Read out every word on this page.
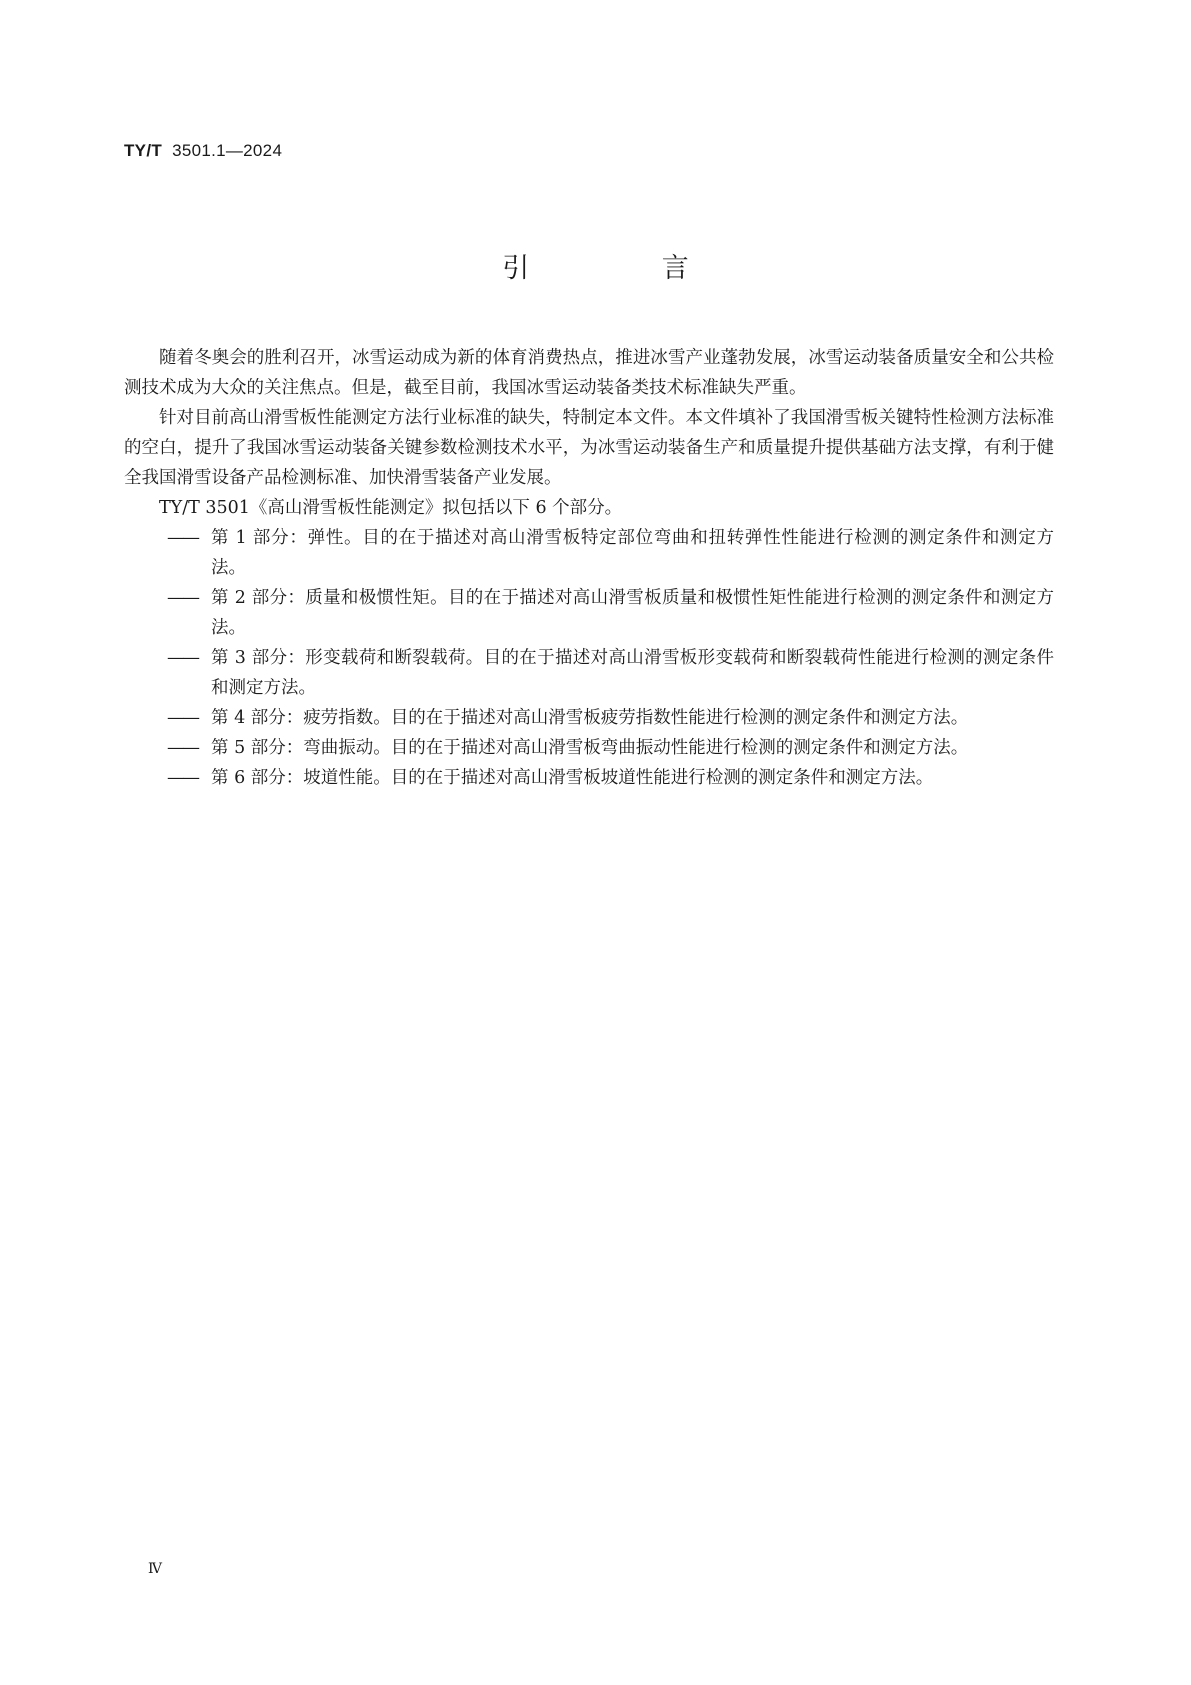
TY/T 3501.1—2024
引 言

随着冬奥会的胜利召开，冰雪运动成为新的体育消费热点，推进冰雪产业蓬勃发展，冰雪运动装备质量安全和公共检测技术成为大众的关注焦点。但是，截至目前，我国冰雪运动装备类技术标准缺失严重。

针对目前高山滑雪板性能测定方法行业标准的缺失，特制定本文件。本文件填补了我国滑雪板关键特性检测方法标准的空白，提升了我国冰雪运动装备关键参数检测技术水平，为冰雪运动装备生产和质量提升提供基础方法支撑，有利于健全我国滑雪设备产品检测标准、加快滑雪装备产业发展。

TY/T 3501《高山滑雪板性能测定》拟包括以下 6 个部分。

—— 第 1 部分：弹性。目的在于描述对高山滑雪板特定部位弯曲和扭转弹性性能进行检测的测定条件和测定方法。
—— 第 2 部分：质量和极惯性矩。目的在于描述对高山滑雪板质量和极惯性矩性能进行检测的测定条件和测定方法。
—— 第 3 部分：形变载荷和断裂载荷。目的在于描述对高山滑雪板形变载荷和断裂载荷性能进行检测的测定条件和测定方法。
—— 第 4 部分：疲劳指数。目的在于描述对高山滑雪板疲劳指数性能进行检测的测定条件和测定方法。
—— 第 5 部分：弯曲振动。目的在于描述对高山滑雪板弯曲振动性能进行检测的测定条件和测定方法。
—— 第 6 部分：坡道性能。目的在于描述对高山滑雪板坡道性能进行检测的测定条件和测定方法。
Ⅳ
